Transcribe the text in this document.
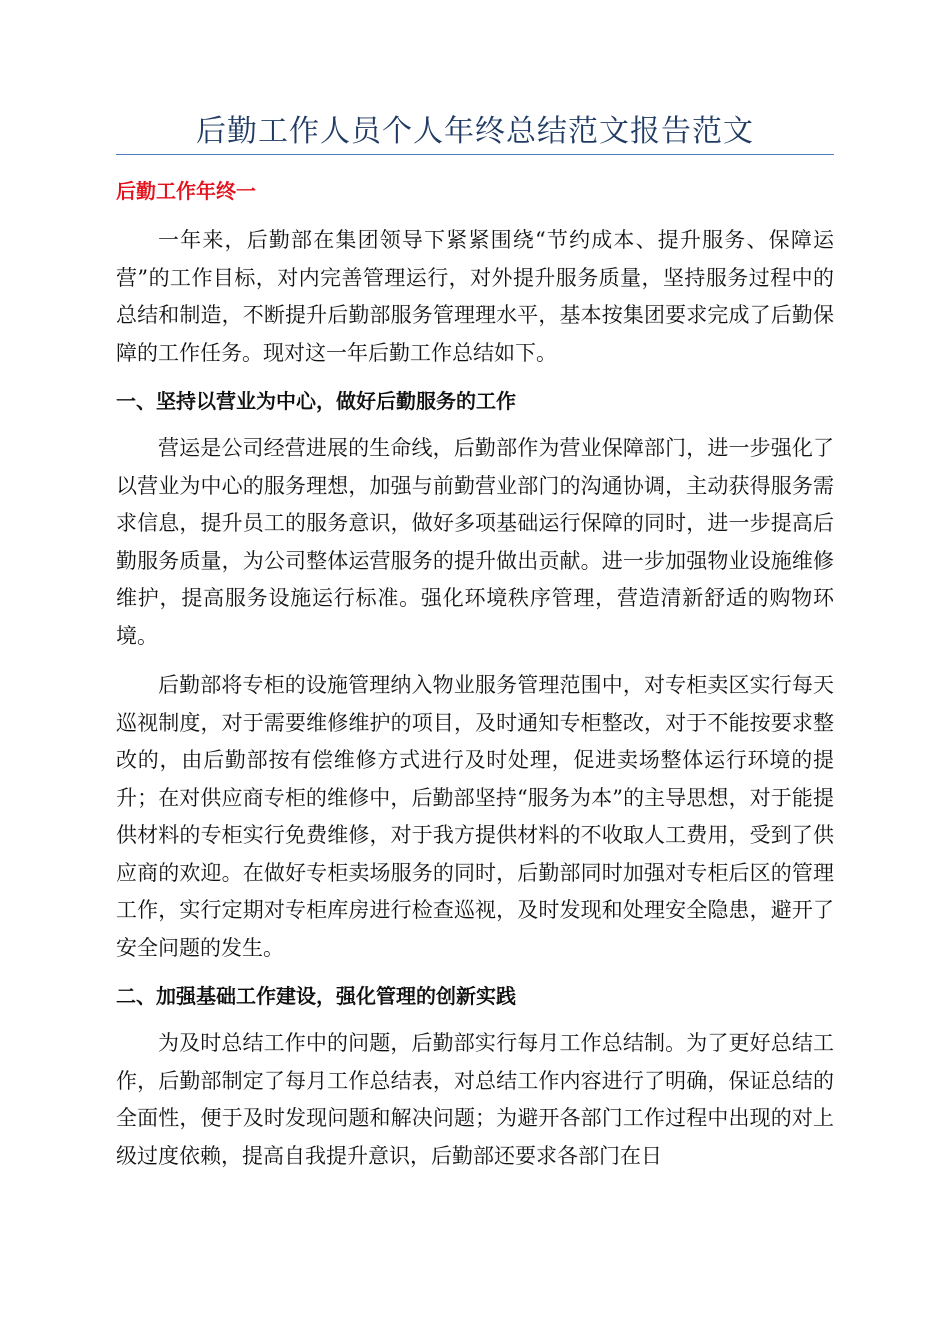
后勤工作人员个人年终总结范文报告范文
后勤工作年终一

一年来，后勤部在集团领导下紧紧围绕“节约成本、提升服务、保障运营”的工作目标，对内完善管理运行，对外提升服务质量，坚持服务过程中的总结和制造，不断提升后勤部服务管理理水平，基本按集团要求完成了后勤保障的工作任务。现对这一年后勤工作总结如下。

一、坚持以营业为中心，做好后勤服务的工作

营运是公司经营进展的生命线，后勤部作为营业保障部门，进一步强化了以营业为中心的服务理想，加强与前勤营业部门的沟通协调，主动获得服务需求信息，提升员工的服务意识，做好多项基础运行保障的同时，进一步提高后勤服务质量，为公司整体运营服务的提升做出贡献。进一步加强物业设施维修维护，提高服务设施运行标准。强化环境秩序管理，营造清新舒适的购物环境。

后勤部将专柜的设施管理纳入物业服务管理范围中，对专柜卖区实行每天巡视制度，对于需要维修维护的项目，及时通知专柜整改，对于不能按要求整改的，由后勤部按有偿维修方式进行及时处理，促进卖场整体运行环境的提升；在对供应商专柜的维修中，后勤部坚持“服务为本”的主导思想，对于能提供材料的专柜实行免费维修，对于我方提供材料的不收取人工费用，受到了供应商的欢迎。在做好专柜卖场服务的同时，后勤部同时加强对专柜后区的管理工作，实行定期对专柜库房进行检查巡视，及时发现和处理安全隐患，避开了安全问题的发生。

二、加强基础工作建设，强化管理的创新实践

为及时总结工作中的问题，后勤部实行每月工作总结制。为了更好总结工作，后勤部制定了每月工作总结表，对总结工作内容进行了明确，保证总结的全面性，便于及时发现问题和解决问题；为避开各部门工作过程中出现的对上级过度依赖，提高自我提升意识，后勤部还要求各部门在日
